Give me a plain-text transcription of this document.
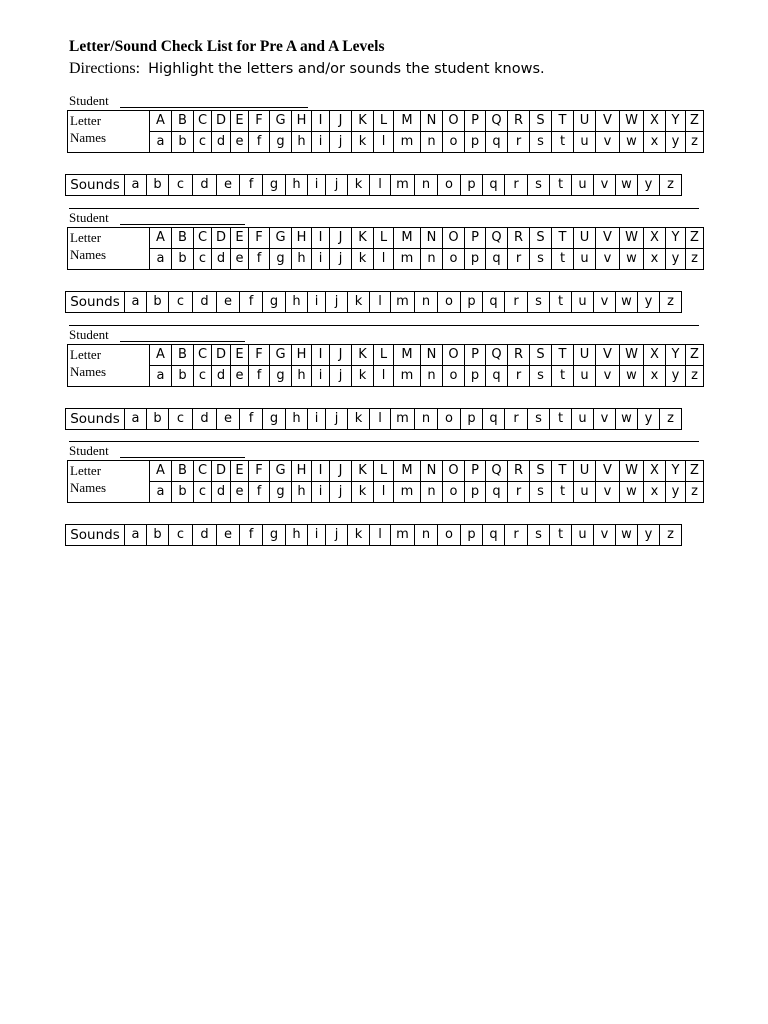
Letter/Sound Check List for Pre A and A Levels
Directions: Highlight the letters and/or sounds the student knows.
Student
Letter
Names	A	B	C	D	E	F	G	H	I	J	K	L	M	N	O	P	Q	R	S	T	U	V	W	X	Y	Z
	a	b	c	d	e	f	g	h	i	j	k	l	m	n	o	p	q	r	s	t	u	v	w	x	y	z
Sounds	a	b	c	d	e	f	g	h	i	j	k	l	m	n	o	p	q	r	s	t	u	v	w	y	z
Student
Letter
Names	A	B	C	D	E	F	G	H	I	J	K	L	M	N	O	P	Q	R	S	T	U	V	W	X	Y	Z
	a	b	c	d	e	f	g	h	i	j	k	l	m	n	o	p	q	r	s	t	u	v	w	x	y	z
Sounds	a	b	c	d	e	f	g	h	i	j	k	l	m	n	o	p	q	r	s	t	u	v	w	y	z
Student
Letter
Names	A	B	C	D	E	F	G	H	I	J	K	L	M	N	O	P	Q	R	S	T	U	V	W	X	Y	Z
	a	b	c	d	e	f	g	h	i	j	k	l	m	n	o	p	q	r	s	t	u	v	w	x	y	z
Sounds	a	b	c	d	e	f	g	h	i	j	k	l	m	n	o	p	q	r	s	t	u	v	w	y	z
Student
Letter
Names	A	B	C	D	E	F	G	H	I	J	K	L	M	N	O	P	Q	R	S	T	U	V	W	X	Y	Z
	a	b	c	d	e	f	g	h	i	j	k	l	m	n	o	p	q	r	s	t	u	v	w	x	y	z
Sounds	a	b	c	d	e	f	g	h	i	j	k	l	m	n	o	p	q	r	s	t	u	v	w	y	z
